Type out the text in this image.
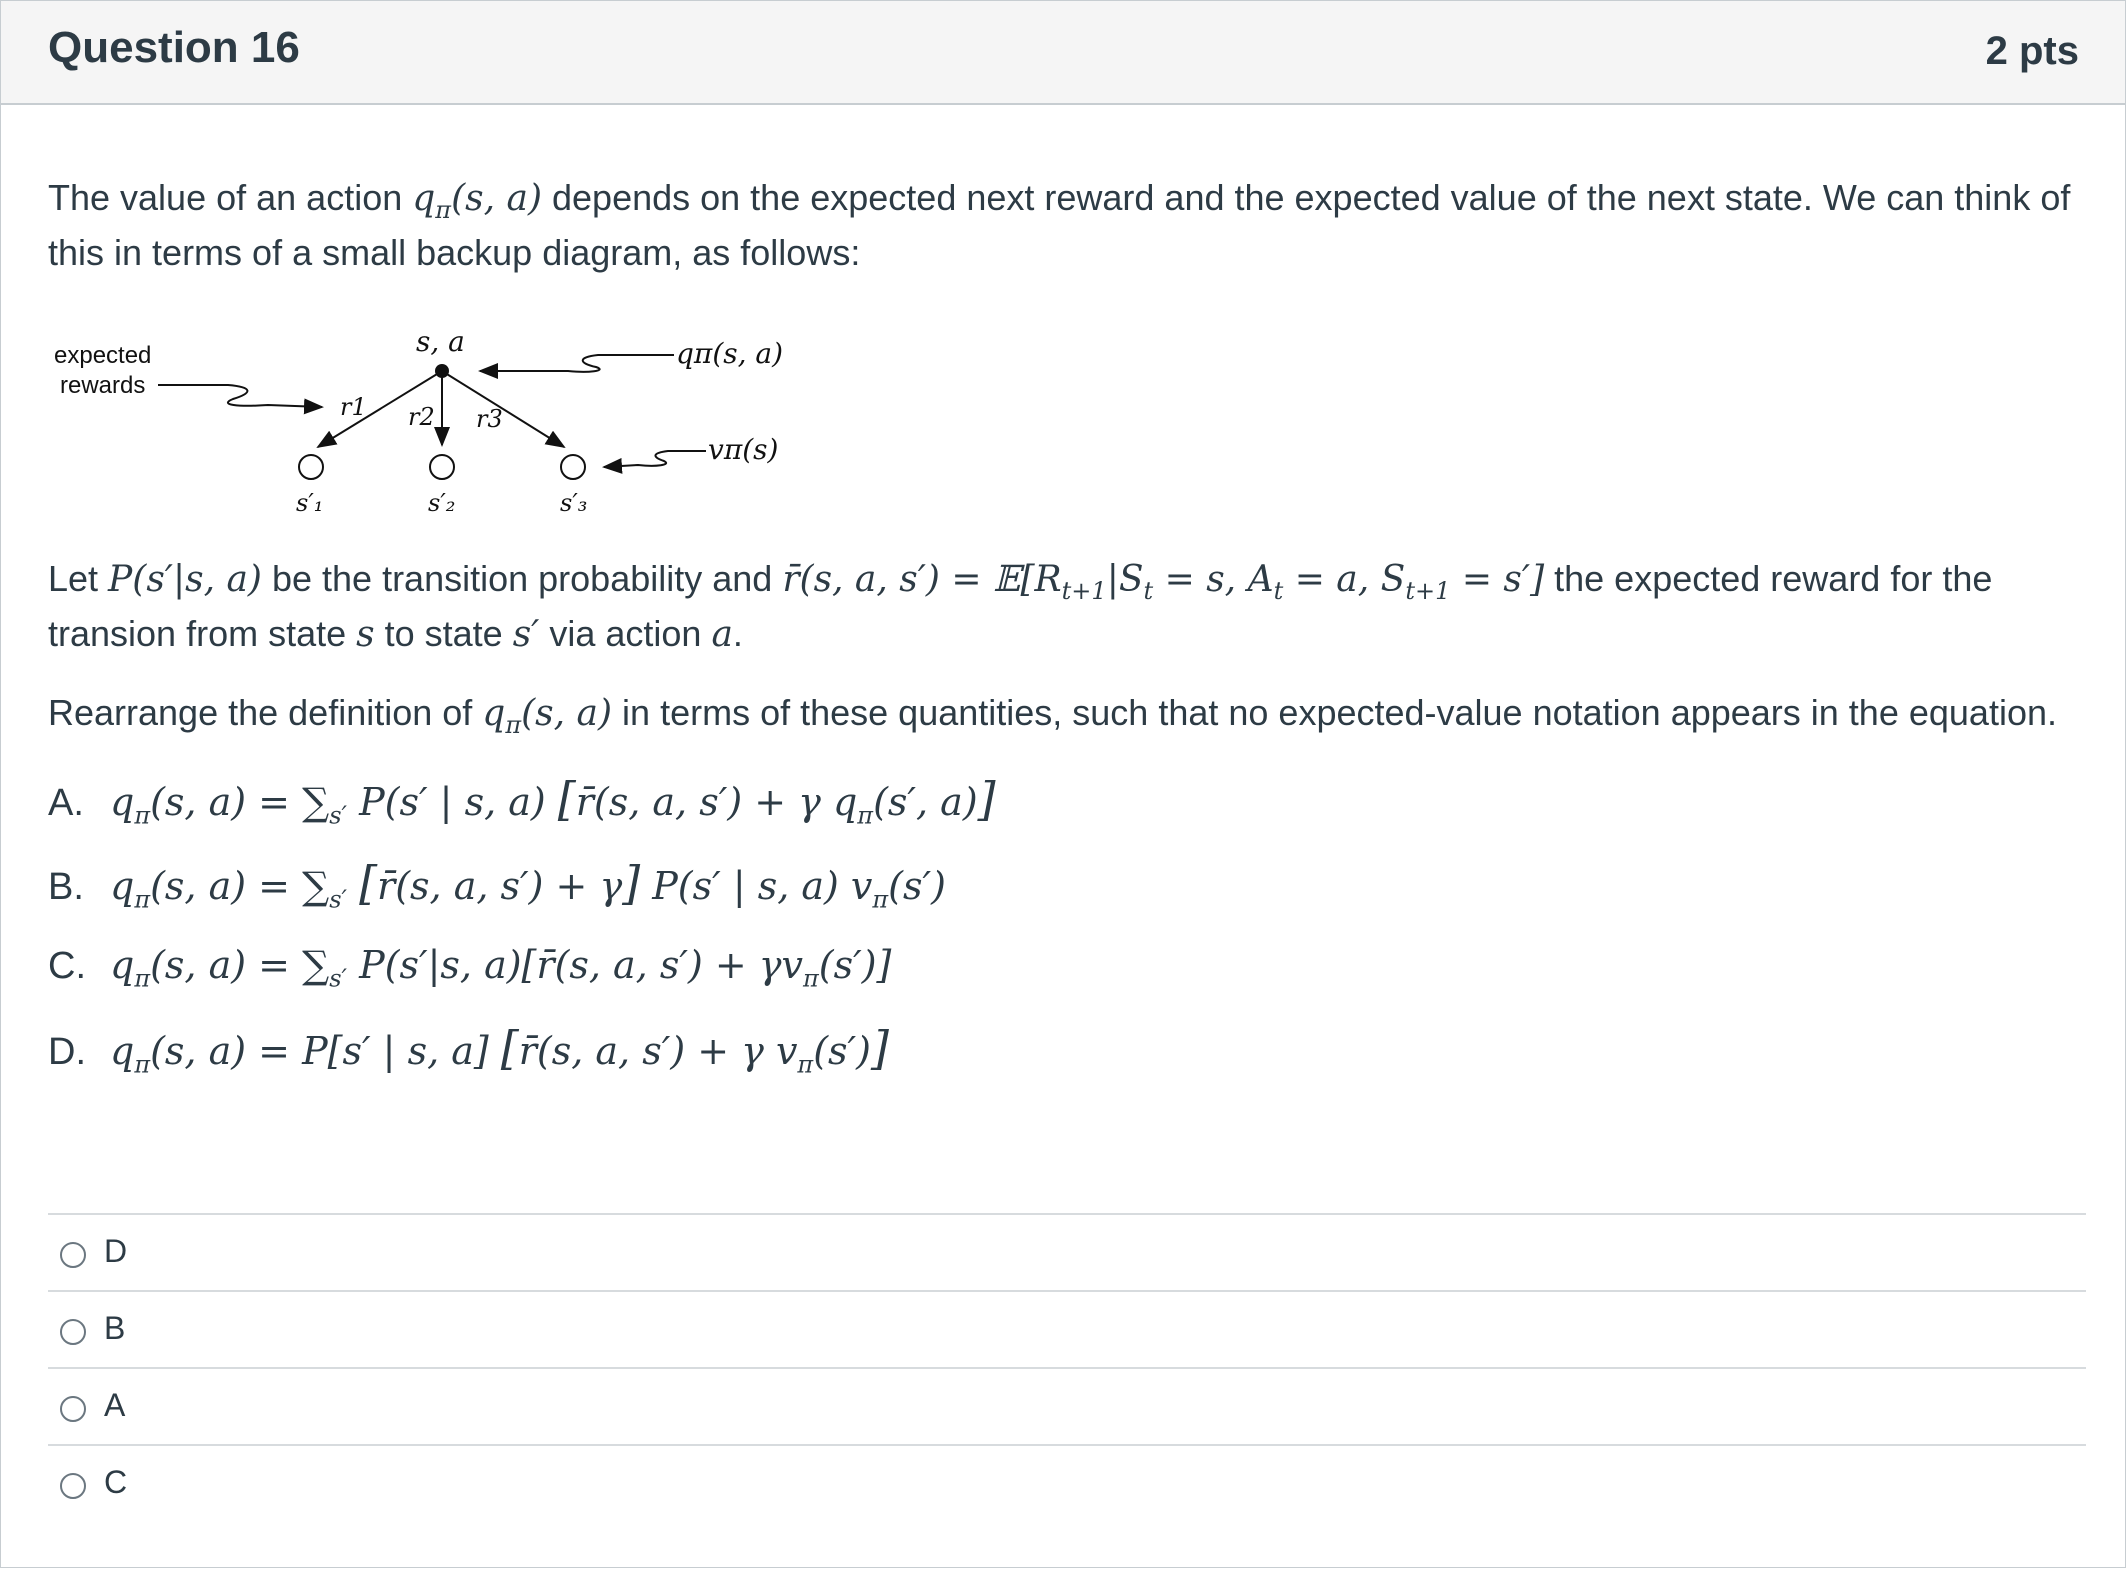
Question 16	2 pts
The value of an action $q_\pi(s$, a) depends on the expected next reward and the expected value of the next state. We can think of this in terms of a small backup diagram, as follows:
expected
rewards
s, a
r1 r2 r3
s′₁	s′₂	s′₃
qπ(s, a)
vπ(s)
Let P(s′|s, a) be the transition probability and r̄(s, a, $s') = 𝔼[R_{t+1}|S_t = s$, $A_t = a$, $S_{t+1} = s'$] the expected reward for the transion from state s to state s′ via action a.
Rearrange the definition of $q_\pi(s$, a) in terms of these quantities, such that no expected-value notation appears in the equation.
A. $q_\pi(s$, $a) = \sum_{s'}$ P(s′ | s, a) [r̄(s, a, s′) + γ $q_\pi(s'$, a)]
B. $q_\pi(s$, $a) = \sum_{s'}$ [r̄(s, a, s′) + γ] P(s′ | s, a) $v_\pi(s')$
C. $q_\pi(s$, $a) = \sum_{s'}$ P(s′|s, a)[r̄(s, a, $s') + \gamma v_\pi(s')$]
D. $q_\pi(s$, a) = P[s′ | s, a] [r̄(s, a, s′) + γ $v_\pi(s')$]
D
B
A
C
